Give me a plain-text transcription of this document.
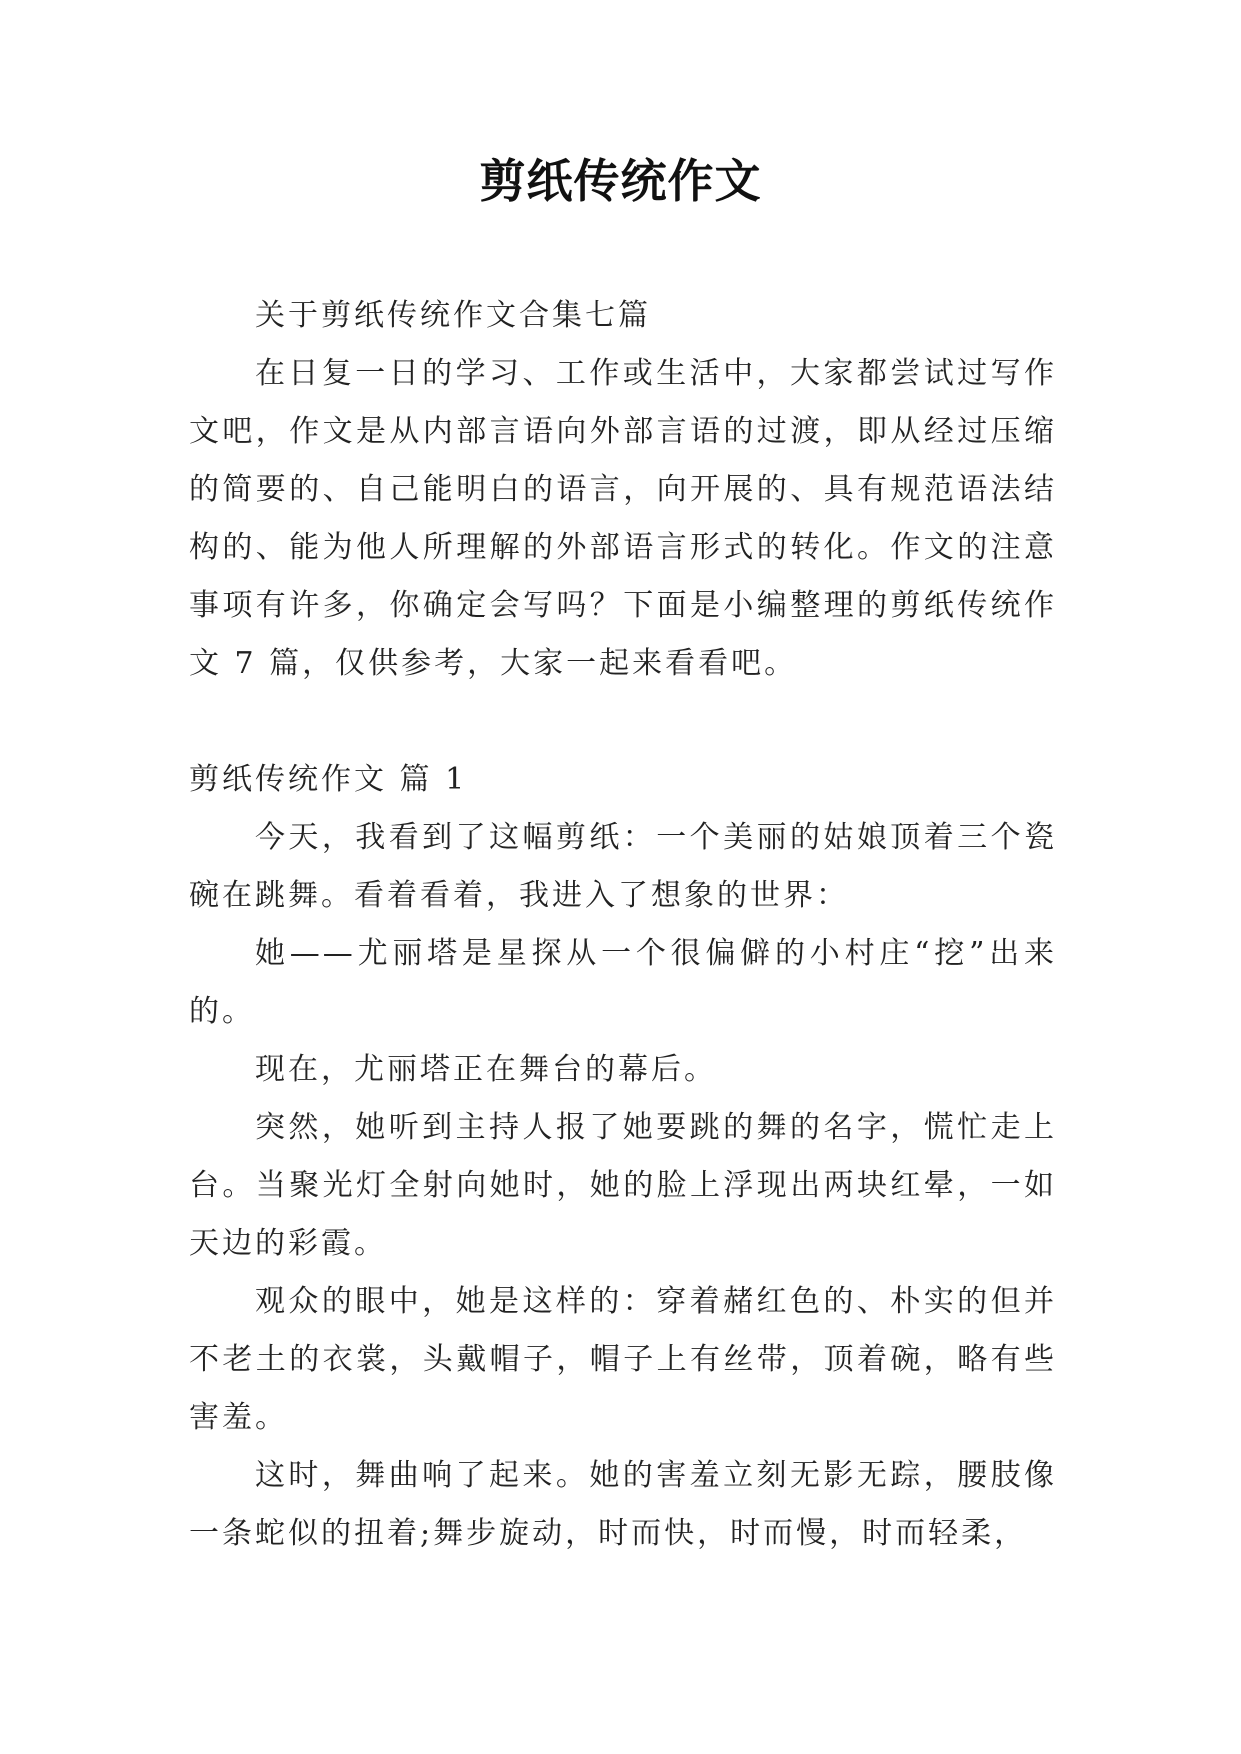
剪纸传统作文

关于剪纸传统作文合集七篇

在日复一日的学习、工作或生活中，大家都尝试过写作文吧，作文是从内部言语向外部言语的过渡，即从经过压缩的简要的、自己能明白的语言，向开展的、具有规范语法结构的、能为他人所理解的外部语言形式的转化。作文的注意事项有许多，你确定会写吗？下面是小编整理的剪纸传统作文 7 篇，仅供参考，大家一起来看看吧。

剪纸传统作文 篇 1

今天，我看到了这幅剪纸：一个美丽的姑娘顶着三个瓷碗在跳舞。看着看着，我进入了想象的世界：

她——尤丽塔是星探从一个很偏僻的小村庄“挖”出来的。

现在，尤丽塔正在舞台的幕后。

突然，她听到主持人报了她要跳的舞的名字，慌忙走上台。当聚光灯全射向她时，她的脸上浮现出两块红晕，一如天边的彩霞。

观众的眼中，她是这样的：穿着赭红色的、朴实的但并不老土的衣裳，头戴帽子，帽子上有丝带，顶着碗，略有些害羞。

这时，舞曲响了起来。她的害羞立刻无影无踪，腰肢像一条蛇似的扭着;舞步旋动，时而快，时而慢，时而轻柔，
